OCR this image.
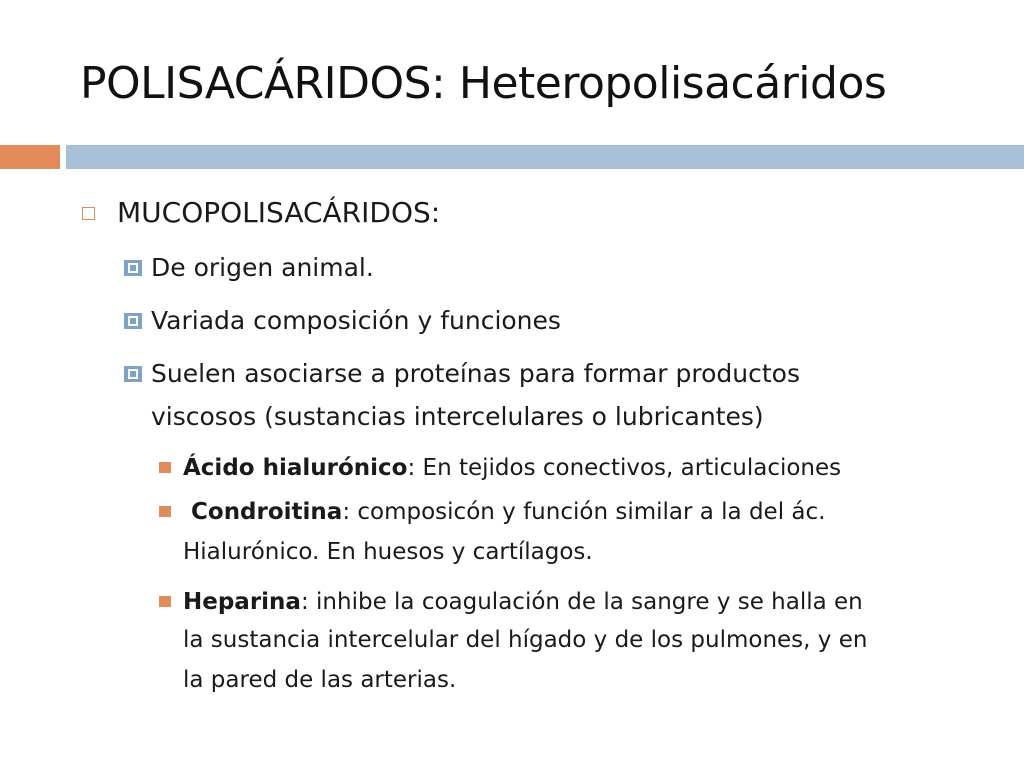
POLISACÁRIDOS: Heteropolisacáridos
MUCOPOLISACÁRIDOS:
De origen animal.
Variada composición y funciones
Suelen asociarse a proteínas para formar productos
viscosos (sustancias intercelulares o lubricantes)
Ácido hialurónico: En tejidos conectivos, articulaciones
Condroitina: composicón y función similar a la del ác.
Hialurónico. En huesos y cartílagos.
Heparina: inhibe la coagulación de la sangre y se halla en
la sustancia intercelular del hígado y de los pulmones, y en
la pared de las arterias.
